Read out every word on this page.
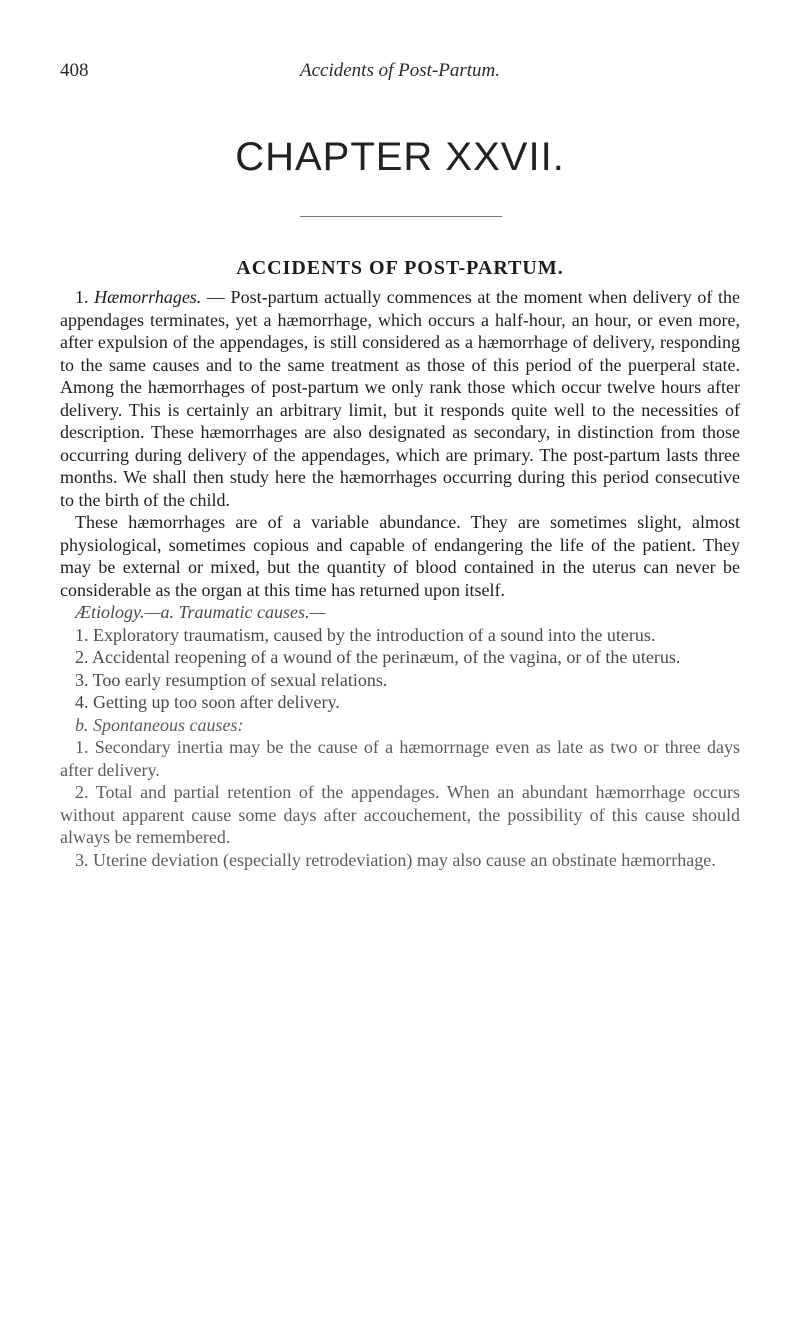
408	Accidents of Post-Partum.
CHAPTER XXVII.
ACCIDENTS OF POST-PARTUM.

1. Hæmorrhages. — Post-partum actually commences at the moment when delivery of the appendages terminates, yet a hæmorrhage, which occurs a half-hour, an hour, or even more, after expulsion of the appendages, is still considered as a hæmorrhage of delivery, responding to the same causes and to the same treatment as those of this period of the puerperal state. Among the hæmorrhages of post-partum we only rank those which occur twelve hours after delivery. This is certainly an arbitrary limit, but it responds quite well to the necessities of description. These hæmorrhages are also designated as secondary, in distinction from those occurring during delivery of the appendages, which are primary. The post-partum lasts three months. We shall then study here the hæmorrhages occurring during this period consecutive to the birth of the child.

These hæmorrhages are of a variable abundance. They are sometimes slight, almost physiological, sometimes copious and capable of endangering the life of the patient. They may be external or mixed, but the quantity of blood contained in the uterus can never be considerable as the organ at this time has returned upon itself.

Ætiology.—a. Traumatic causes.—

1. Exploratory traumatism, caused by the introduction of a sound into the uterus.

2. Accidental reopening of a wound of the perinæum, of the vagina, or of the uterus.

3. Too early resumption of sexual relations.

4. Getting up too soon after delivery.

b. Spontaneous causes:

1. Secondary inertia may be the cause of a hæmorrnage even as late as two or three days after delivery.

2. Total and partial retention of the appendages. When an abundant hæmorrhage occurs without apparent cause some days after accouchement, the possibility of this cause should always be remembered.

3. Uterine deviation (especially retrodeviation) may also cause an obstinate hæmorrhage.
